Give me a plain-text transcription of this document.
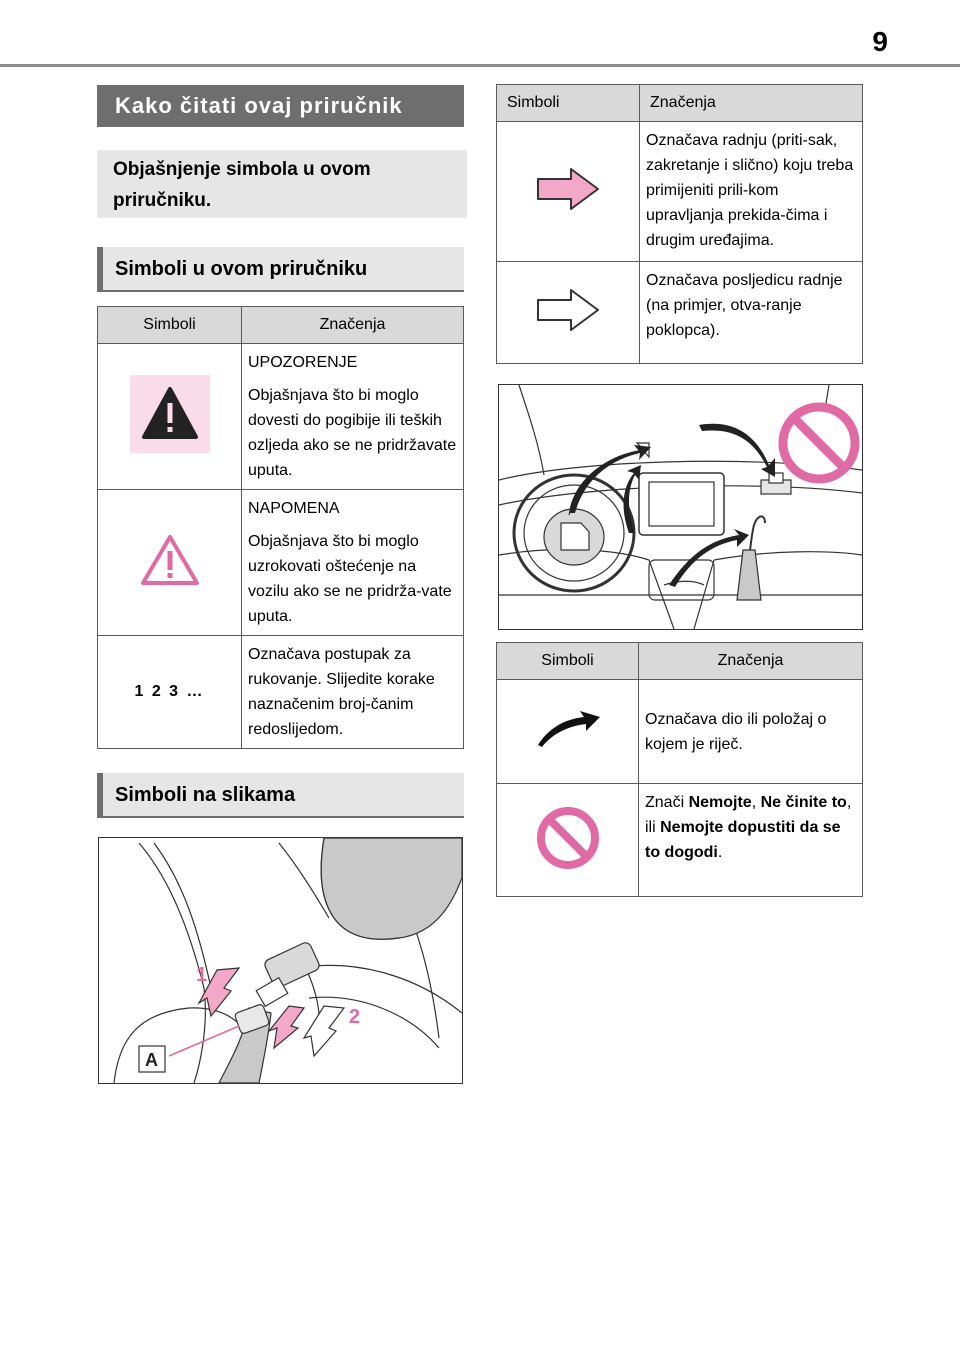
9
Kako čitati ovaj priručnik
Objašnjenje simbola u ovom priručniku.
Simboli u ovom priručniku
Simboli	Značenja

UPOZORENJE

Objašnjava što bi moglo dovesti do pogibije ili teških ozljeda ako se ne pridržavate uputa.

NAPOMENA

Objašnjava što bi moglo uzrokovati oštećenje na vozilu ako se ne pridrža-vate uputa.

1 2 3 …	Označava postupak za rukovanje. Slijedite korake naznačenim broj-čanim redoslijedom.

Simboli na slikama
1
2
A
Simboli	Značenja

Označava radnju (priti-sak, zakretanje i slično) koju treba primijeniti prili-kom upravljanja prekida-čima i drugim uređajima.

Označava posljedicu radnje (na primjer, otva-ranje poklopca).

Simboli	Značenja

Označava dio ili položaj o kojem je riječ.

Znači Nemojte, Ne činite to, ili Nemojte dopustiti da se to dogodi.
